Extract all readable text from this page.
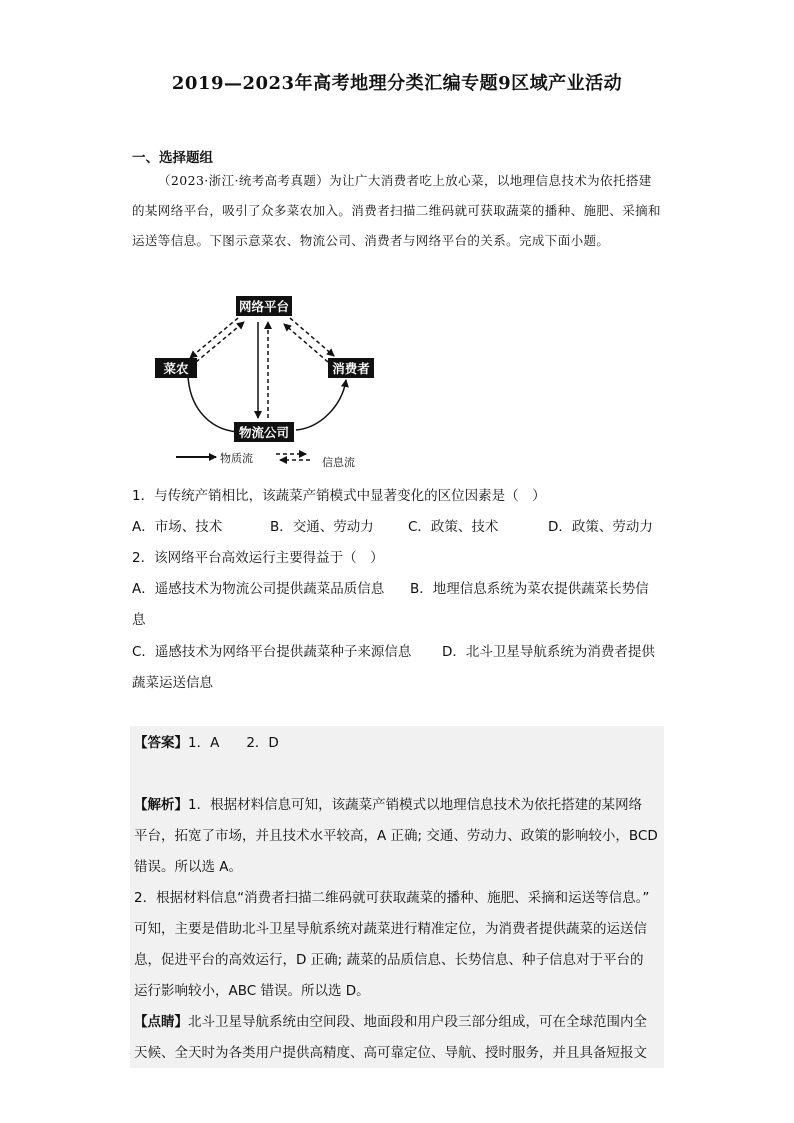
2019—2023年高考地理分类汇编专题9区域产业活动
一、选择题组
（2023·浙江·统考高考真题）为让广大消费者吃上放心菜，以地理信息技术为依托搭建的某网络平台，吸引了众多菜农加入。消费者扫描二维码就可获取蔬菜的播种、施肥、采摘和运送等信息。下图示意菜农、物流公司、消费者与网络平台的关系。完成下面小题。
网络平台
菜农	消费者
物流公司
物质流	信息流
1．与传统产销相比，该蔬菜产销模式中显著变化的区位因素是（　）
A．市场、技术	B．交通、劳动力	C．政策、技术	D．政策、劳动力
2．该网络平台高效运行主要得益于（　）
A．遥感技术为物流公司提供蔬菜品质信息 B．地理信息系统为菜农提供蔬菜长势信
息
C．遥感技术为网络平台提供蔬菜种子来源信息 D．北斗卫星导航系统为消费者提供
蔬菜运送信息
【答案】1．A　　2．D
【解析】1．根据材料信息可知，该蔬菜产销模式以地理信息技术为依托搭建的某网络
平台，拓宽了市场，并且技术水平较高，A 正确; 交通、劳动力、政策的影响较小，BCD
错误。所以选 A。
2．根据材料信息“消费者扫描二维码就可获取蔬菜的播种、施肥、采摘和运送等信息。”
可知，主要是借助北斗卫星导航系统对蔬菜进行精准定位，为消费者提供蔬菜的运送信
息，促进平台的高效运行，D 正确; 蔬菜的品质信息、长势信息、种子信息对于平台的
运行影响较小，ABC 错误。所以选 D。
【点睛】北斗卫星导航系统由空间段、地面段和用户段三部分组成，可在全球范围内全
天候、全天时为各类用户提供高精度、高可靠定位、导航、授时服务，并且具备短报文
